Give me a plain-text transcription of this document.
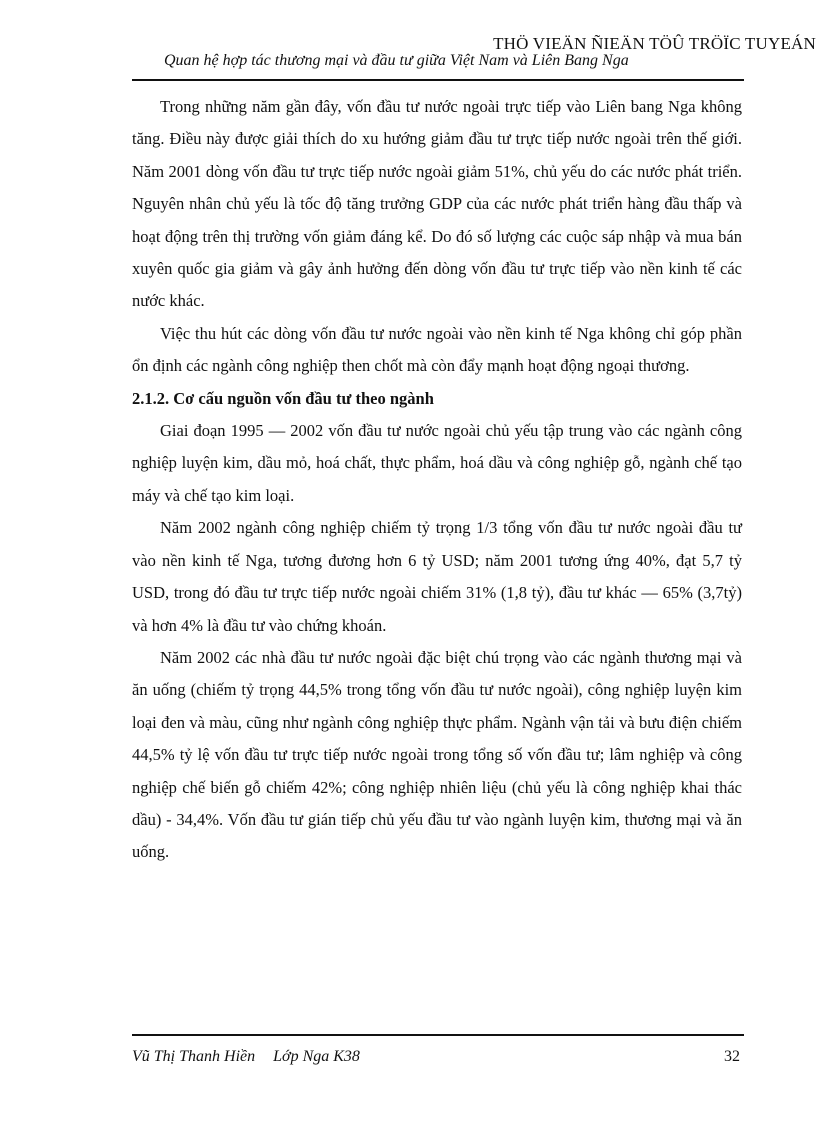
THÖ VIEÄN ÑIEÄN TÖÛ TRÖÏC TUYEÁN
Quan hệ hợp tác thương mại và đầu tư giữa Việt Nam và Liên Bang Nga

Trong những năm gần đây, vốn đầu tư nước ngoài trực tiếp vào Liên bang Nga không tăng. Điều này được giải thích do xu hướng giảm đầu tư trực tiếp nước ngoài trên thế giới. Năm 2001 dòng vốn đầu tư trực tiếp nước ngoài giảm 51%, chủ yếu do các nước phát triển. Nguyên nhân chủ yếu là tốc độ tăng trưởng GDP của các nước phát triển hàng đầu thấp và hoạt động trên thị trường vốn giảm đáng kể. Do đó số lượng các cuộc sáp nhập và mua bán xuyên quốc gia giảm và gây ảnh hưởng đến dòng vốn đầu tư trực tiếp vào nền kinh tế các nước khác.

Việc thu hút các dòng vốn đầu tư nước ngoài vào nền kinh tế Nga không chỉ góp phần ổn định các ngành công nghiệp then chốt mà còn đẩy mạnh hoạt động ngoại thương.

2.1.2. Cơ cấu nguồn vốn đầu tư theo ngành

Giai đoạn 1995 — 2002 vốn đầu tư nước ngoài chủ yếu tập trung vào các ngành công nghiệp luyện kim, dầu mỏ, hoá chất, thực phẩm, hoá dầu và công nghiệp gỗ, ngành chế tạo máy và chế tạo kim loại.

Năm 2002 ngành công nghiệp chiếm tỷ trọng 1/3 tổng vốn đầu tư nước ngoài đầu tư vào nền kinh tế Nga, tương đương hơn 6 tỷ USD; năm 2001 tương ứng 40%, đạt 5,7 tỷ USD, trong đó đầu tư trực tiếp nước ngoài chiếm 31% (1,8 tỷ), đầu tư khác — 65% (3,7tỷ) và hơn 4% là đầu tư vào chứng khoán.

Năm 2002 các nhà đầu tư nước ngoài đặc biệt chú trọng vào các ngành thương mại và ăn uống (chiếm tỷ trọng 44,5% trong tổng vốn đầu tư nước ngoài), công nghiệp luyện kim loại đen và màu, cũng như ngành công nghiệp thực phẩm. Ngành vận tải và bưu điện chiếm 44,5% tỷ lệ vốn đầu tư trực tiếp nước ngoài trong tổng số vốn đầu tư; lâm nghiệp và công nghiệp chế biến gỗ chiếm 42%; công nghiệp nhiên liệu (chủ yếu là công nghiệp khai thác dầu) - 34,4%. Vốn đầu tư gián tiếp chủ yếu đầu tư vào ngành luyện kim, thương mại và ăn uống.

Vũ Thị Thanh Hiền Lớp Nga K38	32
